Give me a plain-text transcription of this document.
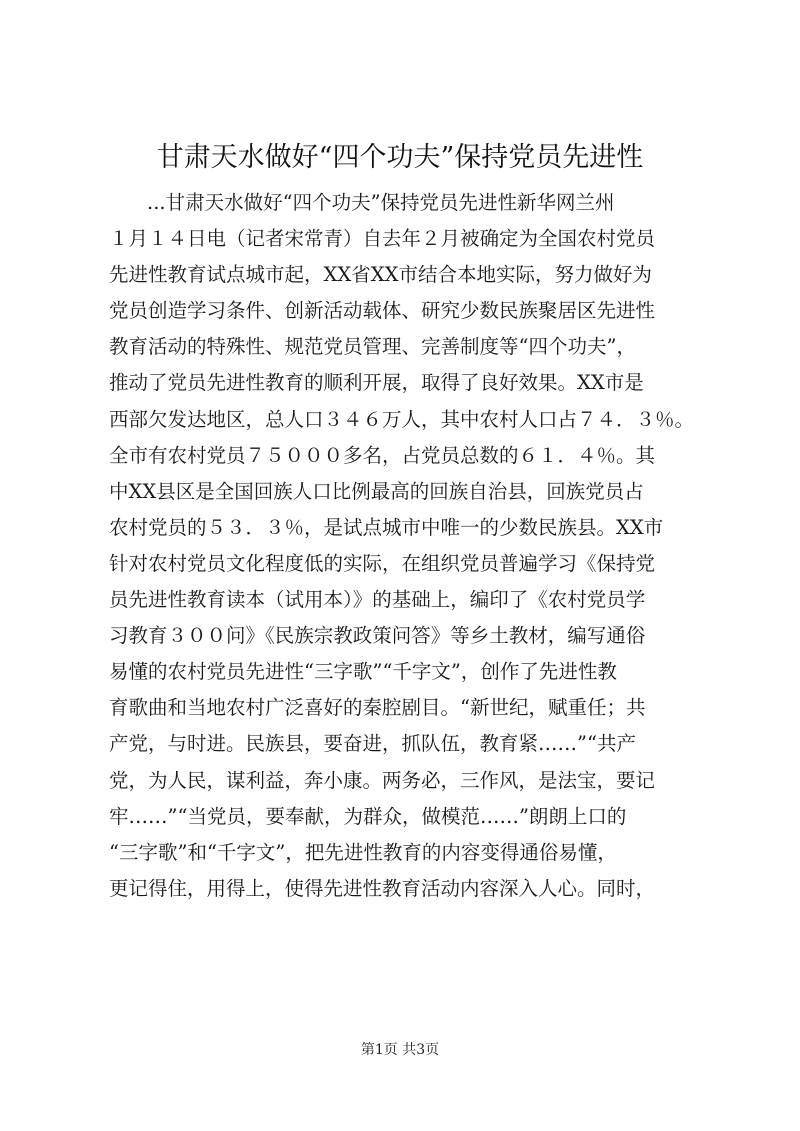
甘肃天水做好“四个功夫”保持党员先进性
...甘肃天水做好“四个功夫”保持党员先进性新华网兰州
１月１４日电（记者宋常青）自去年２月被确定为全国农村党员
先进性教育试点城市起，XX省XX市结合本地实际，努力做好为
党员创造学习条件、创新活动载体、研究少数民族聚居区先进性
教育活动的特殊性、规范党员管理、完善制度等“四个功夫”，
推动了党员先进性教育的顺利开展，取得了良好效果。XX市是
西部欠发达地区，总人口３４６万人，其中农村人口占７４．３％。
全市有农村党员７５０００多名，占党员总数的６１．４％。其
中XX县区是全国回族人口比例最高的回族自治县，回族党员占
农村党员的５３．３％，是试点城市中唯一的少数民族县。XX市
针对农村党员文化程度低的实际，在组织党员普遍学习《保持党
员先进性教育读本（试用本）》的基础上，编印了《农村党员学
习教育３００问》《民族宗教政策问答》等乡土教材，编写通俗
易懂的农村党员先进性“三字歌”“千字文”，创作了先进性教
育歌曲和当地农村广泛喜好的秦腔剧目。“新世纪，赋重任；共
产党，与时进。民族县，要奋进，抓队伍，教育紧……”“共产
党，为人民，谋利益，奔小康。两务必，三作风，是法宝，要记
牢……”“当党员，要奉献，为群众，做模范……”朗朗上口的
“三字歌”和“千字文”，把先进性教育的内容变得通俗易懂，
更记得住，用得上，使得先进性教育活动内容深入人心。同时，
第1页 共3页
